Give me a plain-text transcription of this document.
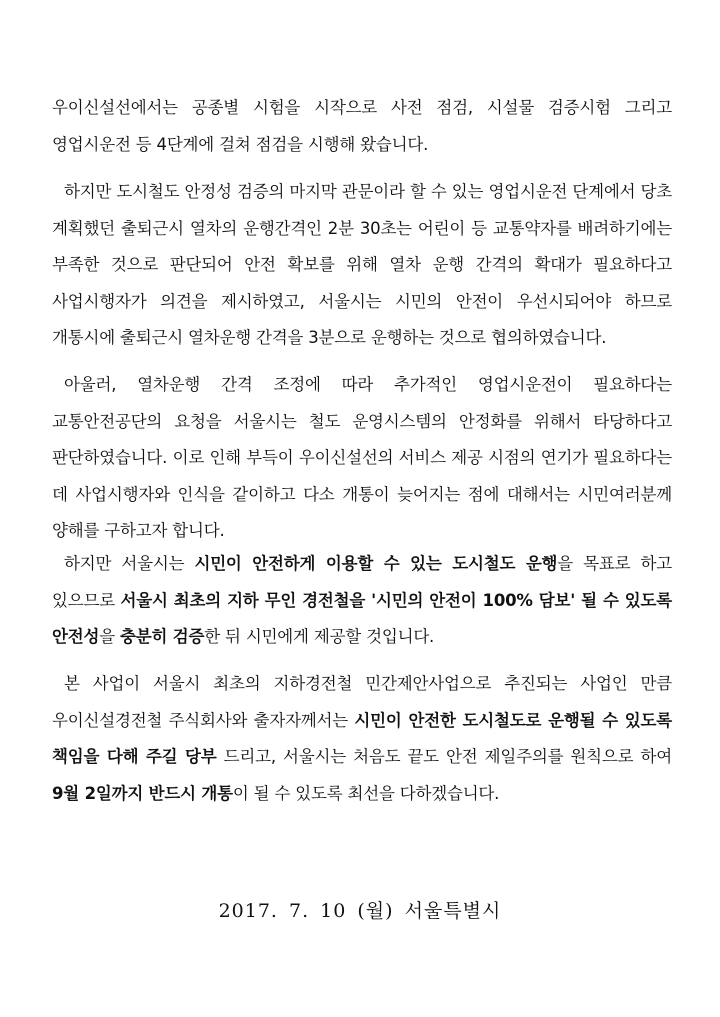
우이신설선에서는 공종별 시험을 시작으로 사전 점검, 시설물 검증시험 그리고 영업시운전 등 4단계에 걸쳐 점검을 시행해 왔습니다.

하지만 도시철도 안정성 검증의 마지막 관문이라 할 수 있는 영업시운전 단계에서 당초 계획했던 출퇴근시 열차의 운행간격인 2분 30초는 어린이 등 교통약자를 배려하기에는 부족한 것으로 판단되어 안전 확보를 위해 열차 운행 간격의 확대가 필요하다고 사업시행자가 의견을 제시하였고, 서울시는 시민의 안전이 우선시되어야 하므로 개통시에 출퇴근시 열차운행 간격을 3분으로 운행하는 것으로 협의하였습니다.

아울러, 열차운행 간격 조정에 따라 추가적인 영업시운전이 필요하다는 교통안전공단의 요청을 서울시는 철도 운영시스템의 안정화를 위해서 타당하다고 판단하였습니다. 이로 인해 부득이 우이신설선의 서비스 제공 시점의 연기가 필요하다는 데 사업시행자와 인식을 같이하고 다소 개통이 늦어지는 점에 대해서는 시민여러분께 양해를 구하고자 합니다.

하지만 서울시는 시민이 안전하게 이용할 수 있는 도시철도 운행을 목표로 하고 있으므로 서울시 최초의 지하 무인 경전철을 '시민의 안전이 100% 담보' 될 수 있도록 안전성을 충분히 검증한 뒤 시민에게 제공할 것입니다.

본 사업이 서울시 최초의 지하경전철 민간제안사업으로 추진되는 사업인 만큼 우이신설경전철 주식회사와 출자자께서는 시민이 안전한 도시철도로 운행될 수 있도록 책임을 다해 주길 당부 드리고, 서울시는 처음도 끝도 안전 제일주의를 원칙으로 하여 9월 2일까지 반드시 개통이 될 수 있도록 최선을 다하겠습니다.

2017. 7. 10 (월) 서울특별시
